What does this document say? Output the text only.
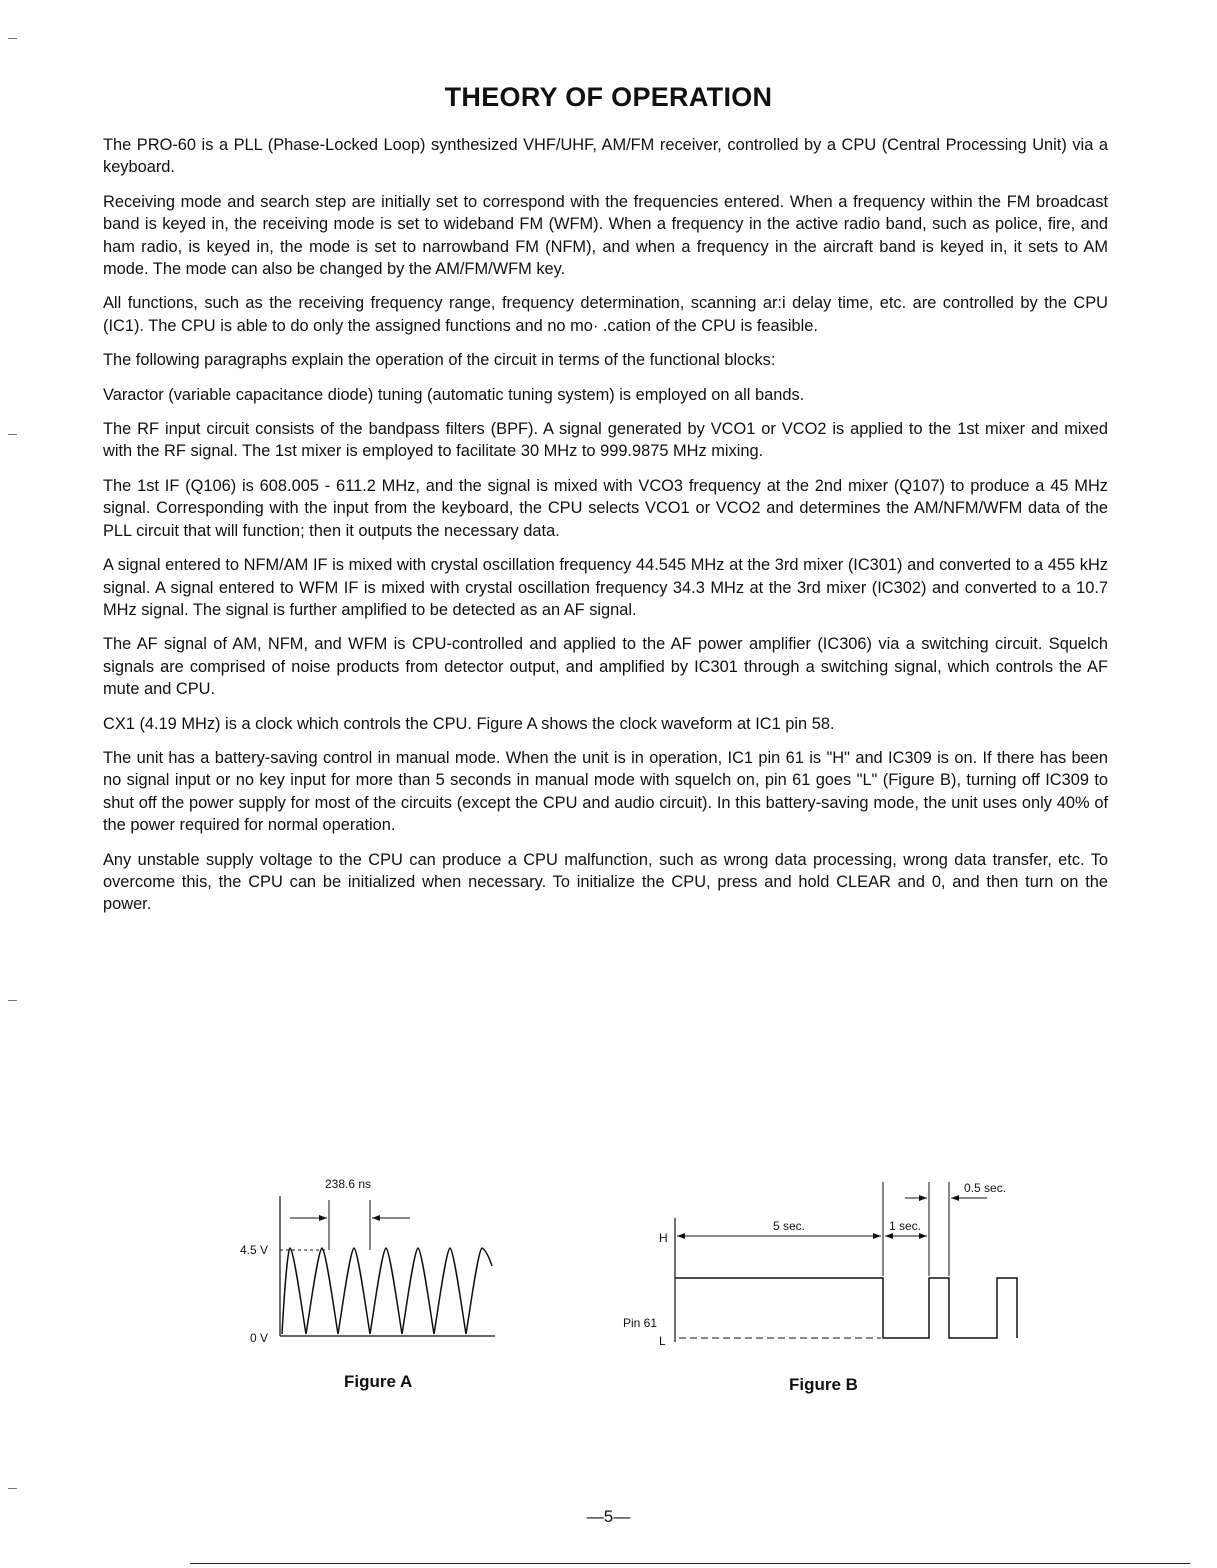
THEORY OF OPERATION

The PRO-60 is a PLL (Phase-Locked Loop) synthesized VHF/UHF, AM/FM receiver, controlled by a CPU (Central Processing Unit) via a keyboard.

Receiving mode and search step are initially set to correspond with the frequencies entered. When a frequency within the FM broadcast band is keyed in, the receiving mode is set to wideband FM (WFM). When a frequency in the active radio band, such as police, fire, and ham radio, is keyed in, the mode is set to narrowband FM (NFM), and when a frequency in the aircraft band is keyed in, it sets to AM mode. The mode can also be changed by the AM/FM/WFM key.

All functions, such as the receiving frequency range, frequency determination, scanning ar:i delay time, etc. are controlled by the CPU (IC1). The CPU is able to do only the assigned functions and no mo· .cation of the CPU is feasible.

The following paragraphs explain the operation of the circuit in terms of the functional blocks:

Varactor (variable capacitance diode) tuning (automatic tuning system) is employed on all bands.

The RF input circuit consists of the bandpass filters (BPF). A signal generated by VCO1 or VCO2 is applied to the 1st mixer and mixed with the RF signal. The 1st mixer is employed to facilitate 30 MHz to 999.9875 MHz mixing.

The 1st IF (Q106) is 608.005 - 611.2 MHz, and the signal is mixed with VCO3 frequency at the 2nd mixer (Q107) to produce a 45 MHz signal. Corresponding with the input from the keyboard, the CPU selects VCO1 or VCO2 and determines the AM/NFM/WFM data of the PLL circuit that will function; then it outputs the necessary data.

A signal entered to NFM/AM IF is mixed with crystal oscillation frequency 44.545 MHz at the 3rd mixer (IC301) and converted to a 455 kHz signal. A signal entered to WFM IF is mixed with crystal oscillation frequency 34.3 MHz at the 3rd mixer (IC302) and converted to a 10.7 MHz signal. The signal is further amplified to be detected as an AF signal.

The AF signal of AM, NFM, and WFM is CPU-controlled and applied to the AF power amplifier (IC306) via a switching circuit. Squelch signals are comprised of noise products from detector output, and amplified by IC301 through a switching signal, which controls the AF mute and CPU.

CX1 (4.19 MHz) is a clock which controls the CPU. Figure A shows the clock waveform at IC1 pin 58.

The unit has a battery-saving control in manual mode. When the unit is in operation, IC1 pin 61 is "H" and IC309 is on. If there has been no signal input or no key input for more than 5 seconds in manual mode with squelch on, pin 61 goes "L" (Figure B), turning off IC309 to shut off the power supply for most of the circuits (except the CPU and audio circuit). In this battery-saving mode, the unit uses only 40% of the power required for normal operation.

Any unstable supply voltage to the CPU can produce a CPU malfunction, such as wrong data processing, wrong data transfer, etc. To overcome this, the CPU can be initialized when necessary. To initialize the CPU, press and hold CLEAR and 0, and then turn on the power.

238.6 ns
4.5 V
0 V
Figure A
H
Pin 61
L
0.5 sec.
5 sec.	1 sec.
Figure B
—5—
